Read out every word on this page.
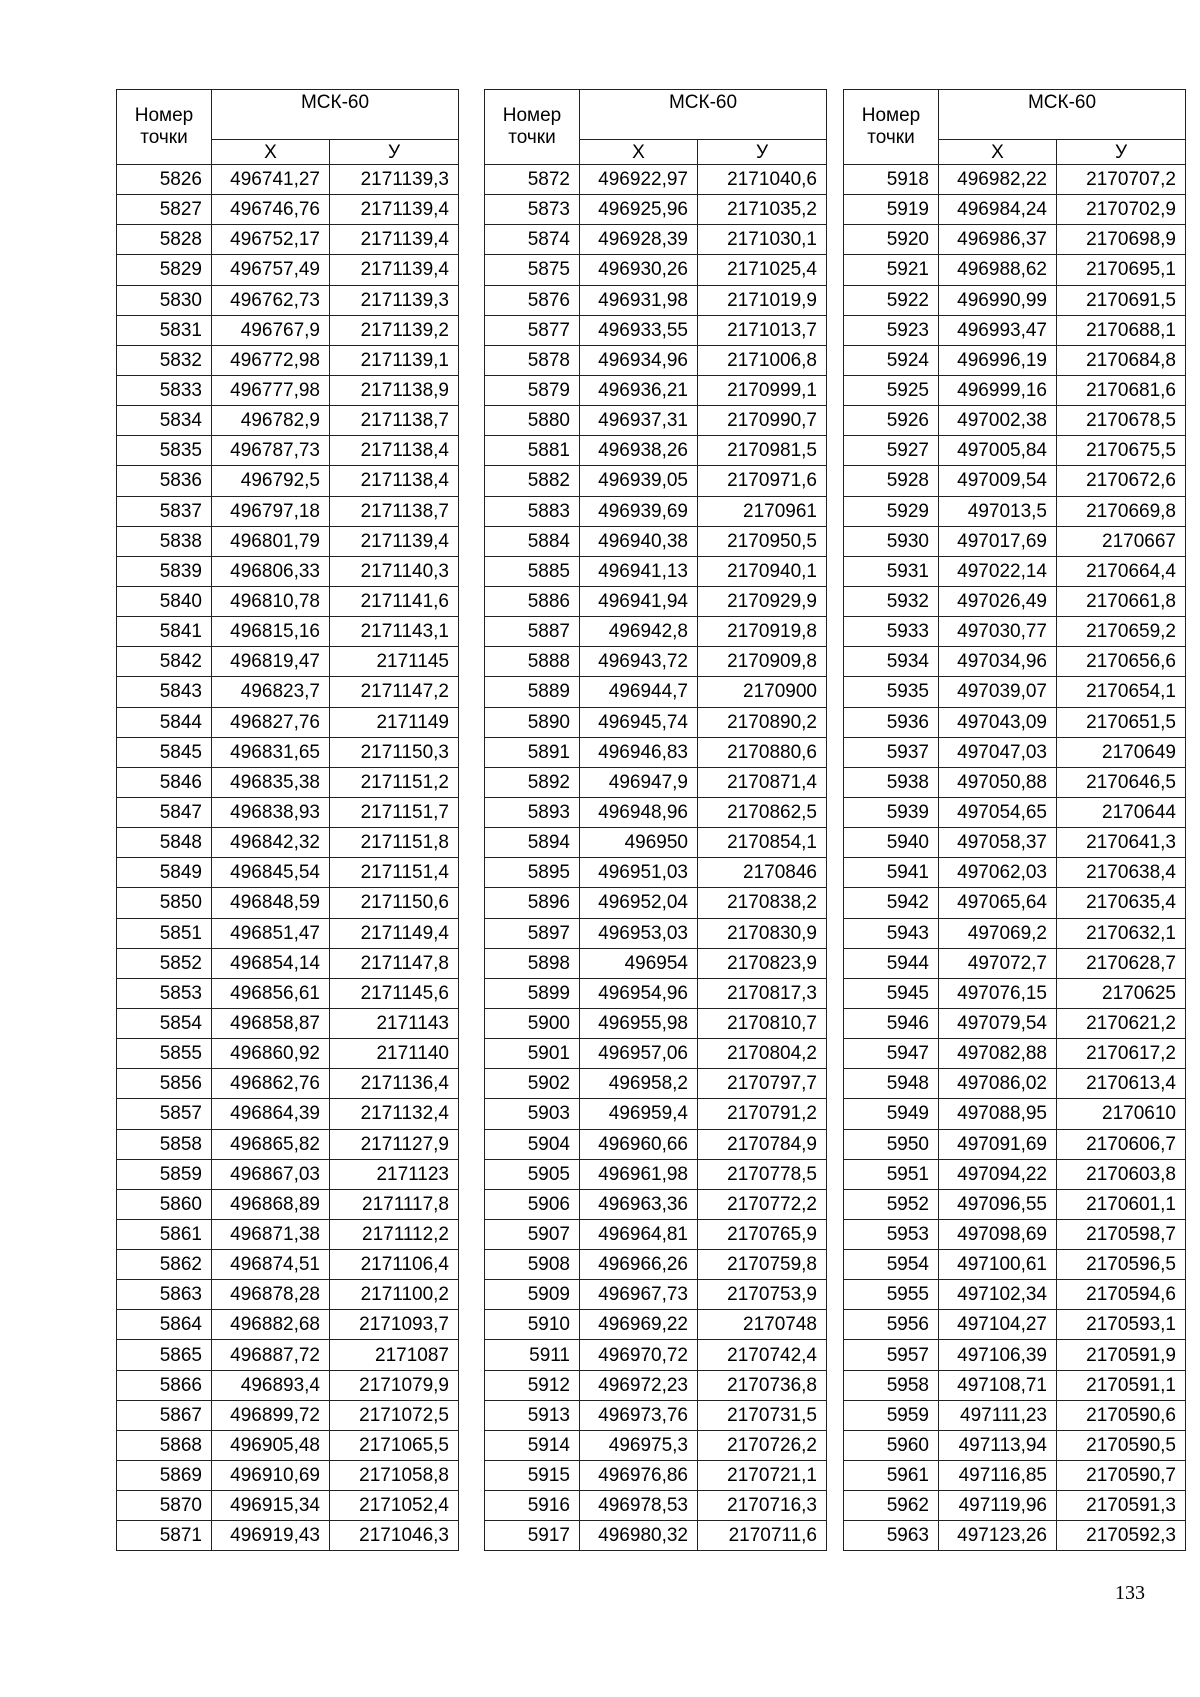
Номер
точки	МСК-60	
	X	У
5826	496741,27	2171139,3
5827	496746,76	2171139,4
5828	496752,17	2171139,4
5829	496757,49	2171139,4
5830	496762,73	2171139,3
5831	496767,9	2171139,2
5832	496772,98	2171139,1
5833	496777,98	2171138,9
5834	496782,9	2171138,7
5835	496787,73	2171138,4
5836	496792,5	2171138,4
5837	496797,18	2171138,7
5838	496801,79	2171139,4
5839	496806,33	2171140,3
5840	496810,78	2171141,6
5841	496815,16	2171143,1
5842	496819,47	2171145
5843	496823,7	2171147,2
5844	496827,76	2171149
5845	496831,65	2171150,3
5846	496835,38	2171151,2
5847	496838,93	2171151,7
5848	496842,32	2171151,8
5849	496845,54	2171151,4
5850	496848,59	2171150,6
5851	496851,47	2171149,4
5852	496854,14	2171147,8
5853	496856,61	2171145,6
5854	496858,87	2171143
5855	496860,92	2171140
5856	496862,76	2171136,4
5857	496864,39	2171132,4
5858	496865,82	2171127,9
5859	496867,03	2171123
5860	496868,89	2171117,8
5861	496871,38	2171112,2
5862	496874,51	2171106,4
5863	496878,28	2171100,2
5864	496882,68	2171093,7
5865	496887,72	2171087
5866	496893,4	2171079,9
5867	496899,72	2171072,5
5868	496905,48	2171065,5
5869	496910,69	2171058,8
5870	496915,34	2171052,4
5871	496919,43	2171046,3
Номер
точки	МСК-60	
	X	У
5872	496922,97	2171040,6
5873	496925,96	2171035,2
5874	496928,39	2171030,1
5875	496930,26	2171025,4
5876	496931,98	2171019,9
5877	496933,55	2171013,7
5878	496934,96	2171006,8
5879	496936,21	2170999,1
5880	496937,31	2170990,7
5881	496938,26	2170981,5
5882	496939,05	2170971,6
5883	496939,69	2170961
5884	496940,38	2170950,5
5885	496941,13	2170940,1
5886	496941,94	2170929,9
5887	496942,8	2170919,8
5888	496943,72	2170909,8
5889	496944,7	2170900
5890	496945,74	2170890,2
5891	496946,83	2170880,6
5892	496947,9	2170871,4
5893	496948,96	2170862,5
5894	496950	2170854,1
5895	496951,03	2170846
5896	496952,04	2170838,2
5897	496953,03	2170830,9
5898	496954	2170823,9
5899	496954,96	2170817,3
5900	496955,98	2170810,7
5901	496957,06	2170804,2
5902	496958,2	2170797,7
5903	496959,4	2170791,2
5904	496960,66	2170784,9
5905	496961,98	2170778,5
5906	496963,36	2170772,2
5907	496964,81	2170765,9
5908	496966,26	2170759,8
5909	496967,73	2170753,9
5910	496969,22	2170748
5911	496970,72	2170742,4
5912	496972,23	2170736,8
5913	496973,76	2170731,5
5914	496975,3	2170726,2
5915	496976,86	2170721,1
5916	496978,53	2170716,3
5917	496980,32	2170711,6
Номер
точки	МСК-60	
	X	У
5918	496982,22	2170707,2
5919	496984,24	2170702,9
5920	496986,37	2170698,9
5921	496988,62	2170695,1
5922	496990,99	2170691,5
5923	496993,47	2170688,1
5924	496996,19	2170684,8
5925	496999,16	2170681,6
5926	497002,38	2170678,5
5927	497005,84	2170675,5
5928	497009,54	2170672,6
5929	497013,5	2170669,8
5930	497017,69	2170667
5931	497022,14	2170664,4
5932	497026,49	2170661,8
5933	497030,77	2170659,2
5934	497034,96	2170656,6
5935	497039,07	2170654,1
5936	497043,09	2170651,5
5937	497047,03	2170649
5938	497050,88	2170646,5
5939	497054,65	2170644
5940	497058,37	2170641,3
5941	497062,03	2170638,4
5942	497065,64	2170635,4
5943	497069,2	2170632,1
5944	497072,7	2170628,7
5945	497076,15	2170625
5946	497079,54	2170621,2
5947	497082,88	2170617,2
5948	497086,02	2170613,4
5949	497088,95	2170610
5950	497091,69	2170606,7
5951	497094,22	2170603,8
5952	497096,55	2170601,1
5953	497098,69	2170598,7
5954	497100,61	2170596,5
5955	497102,34	2170594,6
5956	497104,27	2170593,1
5957	497106,39	2170591,9
5958	497108,71	2170591,1
5959	497111,23	2170590,6
5960	497113,94	2170590,5
5961	497116,85	2170590,7
5962	497119,96	2170591,3
5963	497123,26	2170592,3
133
